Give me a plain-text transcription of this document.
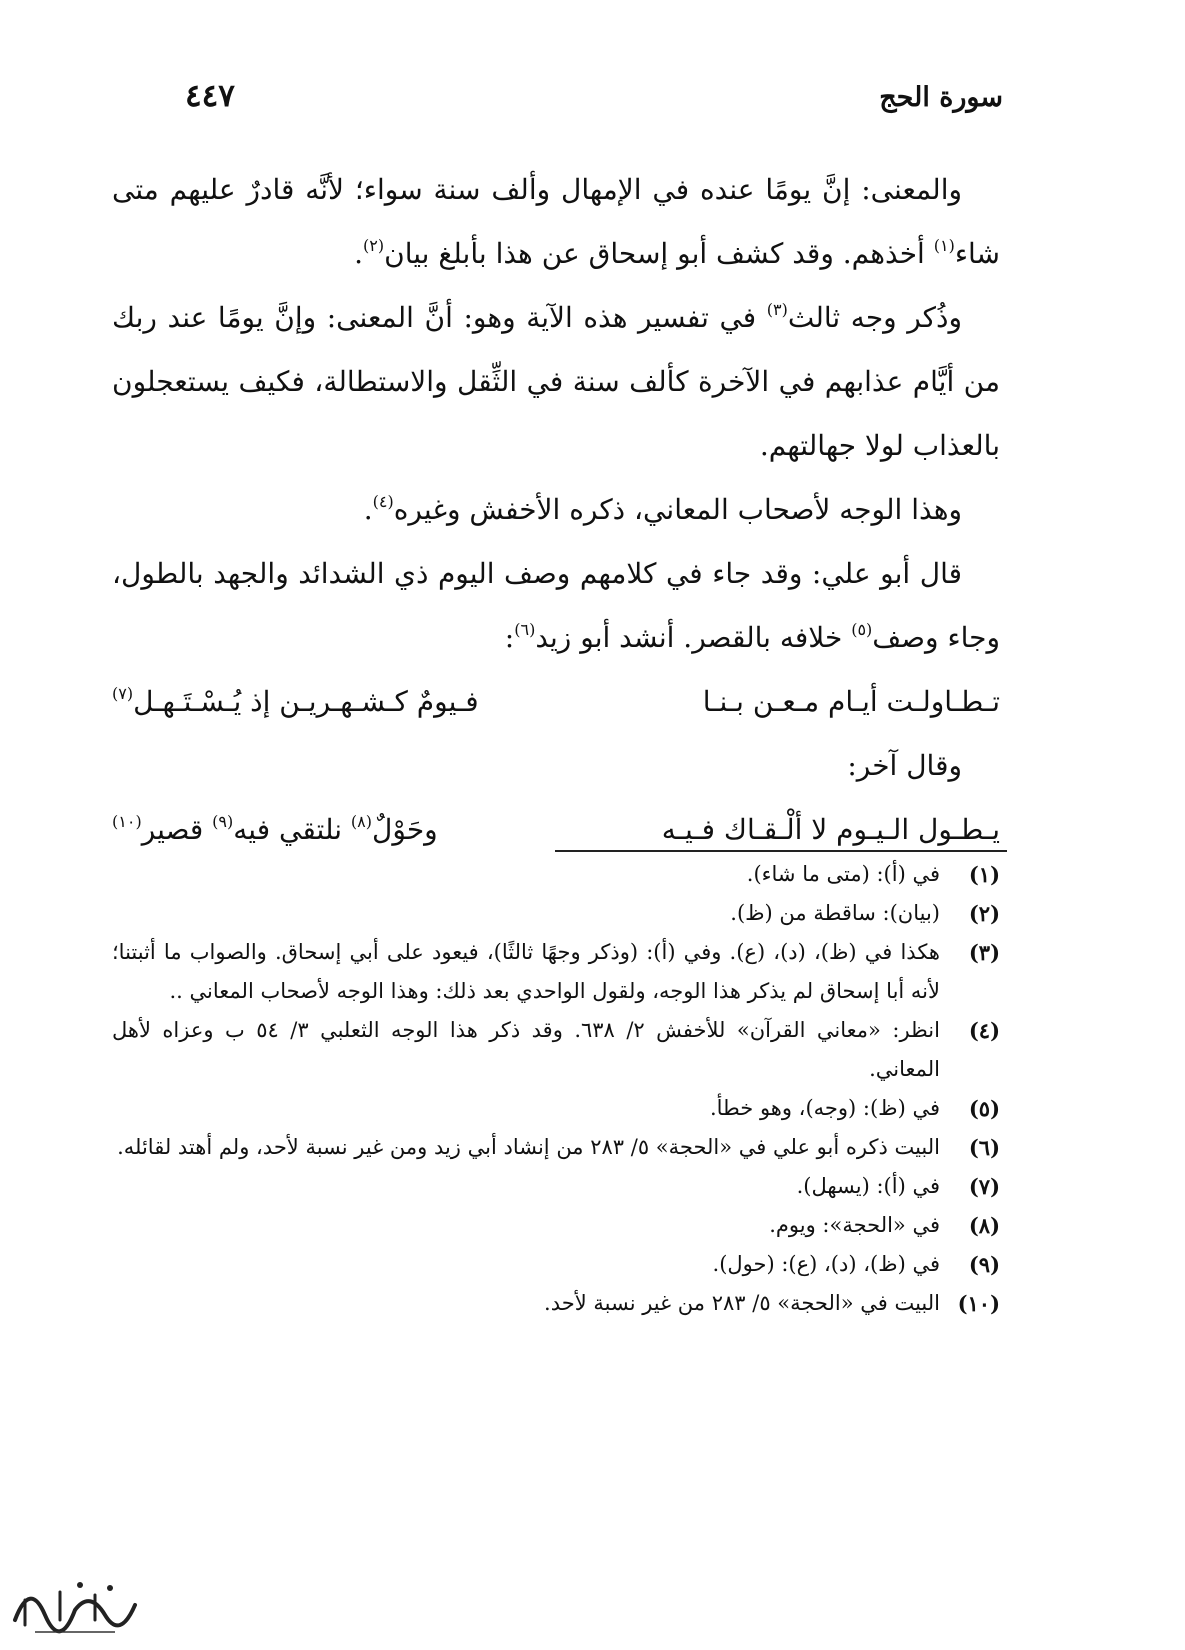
سورة الحج
٤٤٧

والمعنى: إنَّ يومًا عنده في الإمهال وألف سنة سواء؛ لأنَّه قادرٌ عليهم متى شاء$^{(١)}$ أخذهم. وقد كشف أبو إسحاق عن هذا بأبلغ بيان$^{(٢)}$.

وذُكر وجه ثالث$^{(٣)}$ في تفسير هذه الآية وهو: أنَّ المعنى: وإنَّ يومًا عند ربك من أيَّام عذابهم في الآخرة كألف سنة في الثِّقل والاستطالة، فكيف يستعجلون بالعذاب لولا جهالتهم.

وهذا الوجه لأصحاب المعاني، ذكره الأخفش وغيره$^{(٤)}$.

قال أبو علي: وقد جاء في كلامهم وصف اليوم ذي الشدائد والجهد بالطول، وجاء وصف$^{(٥)}$ خلافه بالقصر. أنشد أبو زيد$^{(٦)}$:

تـطـاولـت أيـام مـعـن بـنـا
فـيومٌ كـشـهـريـن إذ يُـسْـتَـهـل$^{(٧)}$

وقال آخر:

يـطـول الـيـوم لا ألْـقـاك فـيـه
وحَوْلٌ$^{(٨)}$ نلتقي فيه$^{(٩)}$ قصير$^{(١٠)}$

(١)
في (أ): (متى ما شاء).

(٢)
(بيان): ساقطة من (ظ).

(٣)
هكذا في (ظ)، (د)، (ع). وفي (أ): (وذكر وجهًا ثالثًا)، فيعود على أبي إسحاق. والصواب ما أثبتنا؛ لأنه أبا إسحاق لم يذكر هذا الوجه، ولقول الواحدي بعد ذلك: وهذا الوجه لأصحاب المعاني ..

(٤)
انظر: «معاني القرآن» للأخفش ٢/ ٦٣٨. وقد ذكر هذا الوجه الثعلبي ٣/ ٥٤ ب وعزاه لأهل المعاني.

(٥)
في (ظ): (وجه)، وهو خطأ.

(٦)
البيت ذكره أبو علي في «الحجة» ٥/ ٢٨٣ من إنشاد أبي زيد ومن غير نسبة لأحد، ولم أهتد لقائله.

(٧)
في (أ): (يسهل).

(٨)
في «الحجة»: ويوم.

(٩)
في (ظ)، (د)، (ع): (حول).

(١٠)
البيت في «الحجة» ٥/ ٢٨٣ من غير نسبة لأحد.
